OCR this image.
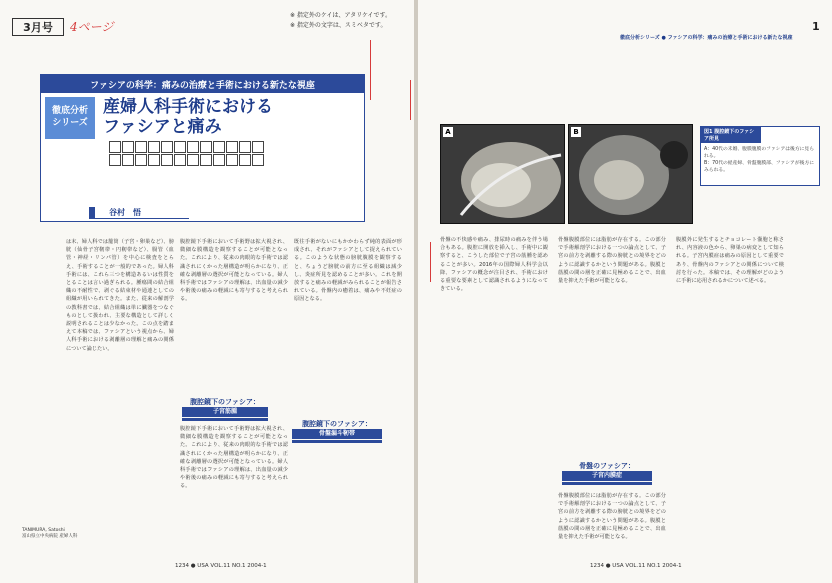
※ 指定外のケイは、アタリケイです。
※ 指定外の文字は、スミベタです。
3月号	4ページ
ファシアの科学：痛みの治療と手術における新たな視座
徹底分析
シリーズ
産婦人科手術における
ファシアと痛み
谷村　悟
は末、婦人科では籠筒（子宮・卵巣など）、膀胱（仙骨子宮靭帯・円靭帯など）、腸管（血管・神経・リンパ管）を中心に検査をとらえ、手術することが一般的であった。婦人科手術には、これら三つを構造あるいは性質をとることは言い過ぎられる。腫瘍間の結合組織の不耐性で、剥ぐる結束材や通連としての組織が用いられてきた。また、従来の解剖学の教科書では、結合組織は単に臓器をつなぐものとして扱われ、主要な構造として詳しく説明されることは少なかった。この点を踏まえて本稿では、ファシアという視点から、婦人科手術における剥離層の理解と痛みの関係について論じたい。
腹腔鏡下手術において手術野は拡大視され、微細な膜構造を観察することが可能となった。これにより、従来の肉眼的な手術では認識されにくかった層構造が明らかになり、正確な剥離層の選択が可能となっている。婦人科手術ではファシアの理解は、出血量の減少や術後の痛みの軽減にも寄与すると考えられる。
既往手術がないにもかかわらず純的表面が形成され、それがファシアとして捉えられている。このような状態の膀胱腹膜を観察すると、ちょうど膀胱の前方に至る組織は減少し、炎症所見を認めることが多い。これを開放すると痛みの軽減がみられることが報告されている。骨盤内の癒着は、痛みや不妊症の原因となる。
腹腔鏡下のファシア：
子宮筋腫
腹腔鏡下手術において手術野は拡大視され、微細な膜構造を観察することが可能となった。これにより、従来の肉眼的な手術では認識されにくかった層構造が明らかになり、正確な剥離層の選択が可能となっている。婦人科手術ではファシアの理解は、出血量の減少や術後の痛みの軽減にも寄与すると考えられる。
腹腔鏡下のファシア：
骨盤漏斗靭帯
TANIMURA, Satoshi
富山県立中央病院 産婦人科
1234 ● USA VOL.11 NO.1 2004-1
徹底分析シリーズ ● ファシアの科学：痛みの治療と手術における新たな視座
1
A	B	図1 腹腔鏡下のファシア所見
A：40代の未婚、腹膜腹膜のファシアは後方に見られる。
B：70代の経産婦、骨盤腹膜部、ファシアが後方にみられる。
骨盤の不快感や痛み、排尿時の痛みを伴う場合もある。腹腔に開放を挿入し、手術中に観察すると、こうした部位で子宮の筋腫を認めることが多い。2016年の国際婦人科学会以降、ファシアの概念が注目され、手術における重要な要素として認識されるようになってきている。
骨盤腹膜部位には脂肪が存在する。この部分で手術解剖学における一つの論点として、子宮の前方を剥離する際の膀胱との境界をどのように認識するかという問題がある。腹膜と筋膜の間の層を正確に見極めることで、出血量を抑えた手術が可能となる。
腹膜外に発生するとチョコレート嚢胞と称され、内容液の色から、卵巣の病変として知られる。子宮内膜症は痛みの原因として重要であり、骨盤内のファシアとの関係について検討を行った。本稿では、その理解がどのように手術に応用されるかについて述べる。
骨盤のファシア：
子宮内膜症
骨盤腹膜部位には脂肪が存在する。この部分で手術解剖学における一つの論点として、子宮の前方を剥離する際の膀胱との境界をどのように認識するかという問題がある。腹膜と筋膜の間の層を正確に見極めることで、出血量を抑えた手術が可能となる。
1234 ● USA VOL.11 NO.1 2004-1
